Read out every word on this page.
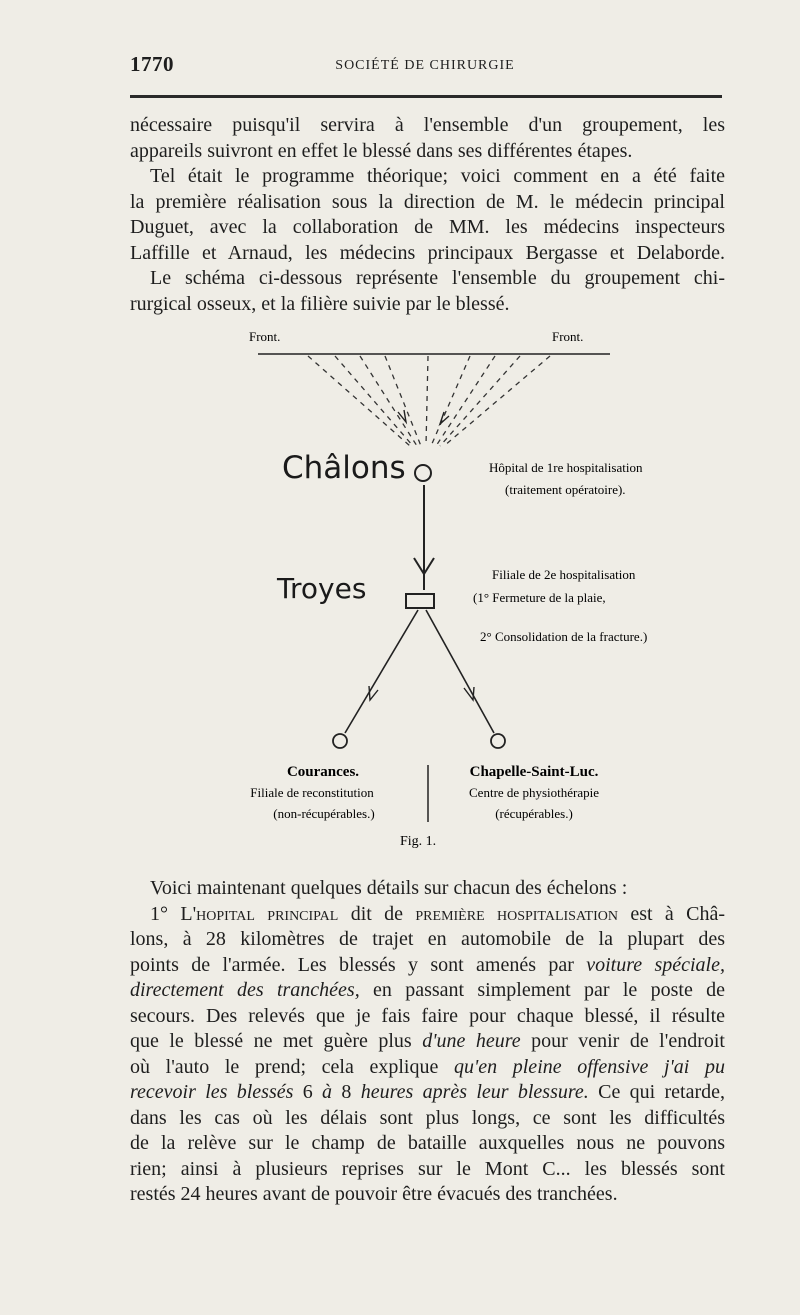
1770	SOCIÉTÉ DE CHIRURGIE
nécessaire puisqu'il servira à l'ensemble d'un groupement, les
appareils suivront en effet le blessé dans ses différentes étapes.
Tel était le programme théorique; voici comment en a été faite
la première réalisation sous la direction de M. le médecin principal
Duguet, avec la collaboration de MM. les médecins inspecteurs
Laffille et Arnaud, les médecins principaux Bergasse et Delaborde.
Le schéma ci-dessous représente l'ensemble du groupement chi-
rurgical osseux, et la filière suivie par le blessé.
Front.	Front.
Châlons	Hôpital de 1re hospitalisation
(traitement opératoire).
Troyes	Filiale de 2e hospitalisation
(1° Fermeture de la plaie,
2° Consolidation de la fracture.)
Courances.
Filiale de reconstitution
(non-récupérables.)
Chapelle-Saint-Luc.
Centre de physiothérapie
(récupérables.)
Fig. 1.
Voici maintenant quelques détails sur chacun des échelons :
1° L'hopital principal dit de première hospitalisation est à Châ-
lons, à 28 kilomètres de trajet en automobile de la plupart des
points de l'armée. Les blessés y sont amenés par voiture spéciale,
directement des tranchées, en passant simplement par le poste de
secours. Des relevés que je fais faire pour chaque blessé, il résulte
que le blessé ne met guère plus d'une heure pour venir de l'endroit
où l'auto le prend; cela explique qu'en pleine offensive j'ai pu
recevoir les blessés 6 à 8 heures après leur blessure. Ce qui retarde,
dans les cas où les délais sont plus longs, ce sont les difficultés
de la relève sur le champ de bataille auxquelles nous ne pouvons
rien; ainsi à plusieurs reprises sur le Mont C... les blessés sont
restés 24 heures avant de pouvoir être évacués des tranchées.
